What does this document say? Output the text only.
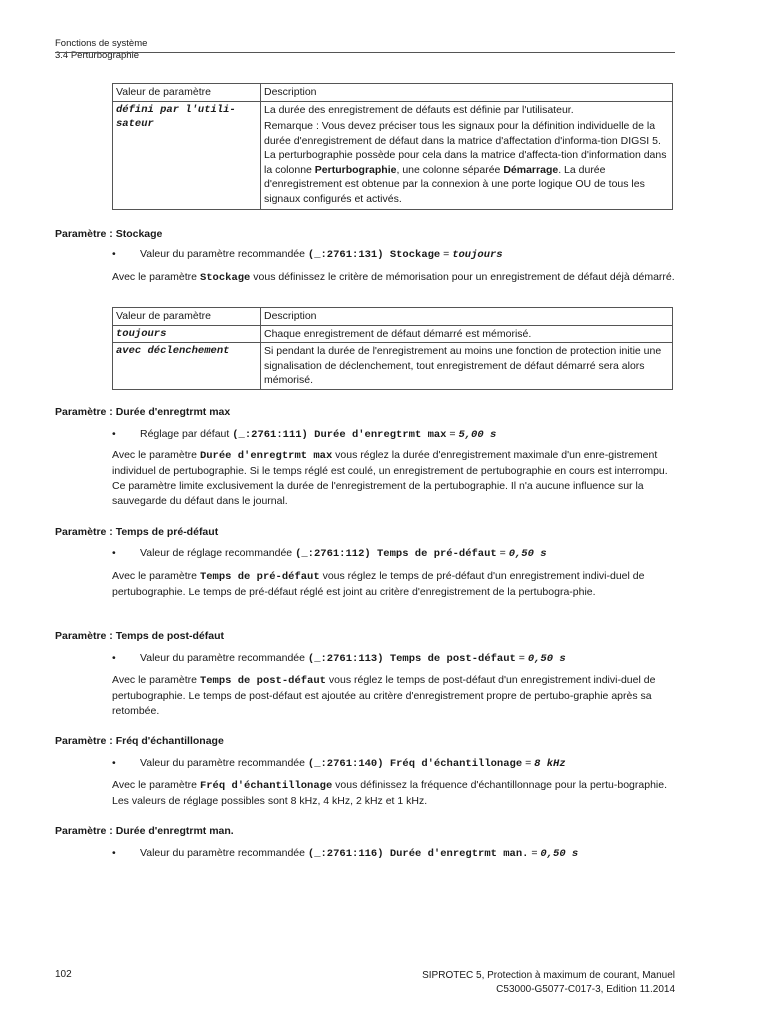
Fonctions de système
3.4 Perturbographie
Valeur de paramètre	Description
défini par l'utili-sateur	La durée des enregistrement de défauts est définie par l'utilisateur.

Remarque : Vous devez préciser tous les signaux pour la définition individuelle de la durée d'enregistrement de défaut dans la matrice d'affectation d'informa-tion DIGSI 5. La perturbographie possède pour cela dans la matrice d'affecta-tion d'information dans la colonne Perturbographie, une colonne séparée Démarrage. La durée d'enregistrement est obtenue par la connexion à une porte logique OU de tous les signaux configurés et activés.

Paramètre : Stockage
• Valeur du paramètre recommandée (_:2761:131) Stockage = toujours

Avec le paramètre Stockage vous définissez le critère de mémorisation pour un enregistrement de défaut déjà démarré.

Valeur de paramètre	Description
toujours	Chaque enregistrement de défaut démarré est mémorisé.
avec déclenchement	Si pendant la durée de l'enregistrement au moins une fonction de protection initie une signalisation de déclenchement, tout enregistrement de défaut démarré sera alors mémorisé.
Paramètre : Durée d'enregtrmt max
• Réglage par défaut (_:2761:111) Durée d'enregtrmt max = 5,00 s

Avec le paramètre Durée d'enregtrmt max vous réglez la durée d'enregistrement maximale d'un enre-gistrement individuel de pertubographie. Si le temps réglé est coulé, un enregistrement de pertubographie en cours est interrompu. Ce paramètre limite exclusivement la durée de l'enregistrement de la pertubographie. Il n'a aucune influence sur la sauvegarde du défaut dans le journal.

Paramètre : Temps de pré-défaut
• Valeur de réglage recommandée (_:2761:112) Temps de pré-défaut = 0,50 s

Avec le paramètre Temps de pré-défaut vous réglez le temps de pré-défaut d'un enregistrement indivi-duel de pertubographie. Le temps de pré-défaut réglé est joint au critère d'enregistrement de la pertubogra-phie.

Paramètre : Temps de post-défaut
• Valeur du paramètre recommandée (_:2761:113) Temps de post-défaut = 0,50 s

Avec le paramètre Temps de post-défaut vous réglez le temps de post-défaut d'un enregistrement indivi-duel de pertubographie. Le temps de post-défaut est ajoutée au critère d'enregistrement propre de pertubo-graphie après sa retombée.

Paramètre : Fréq d'échantillonage
• Valeur du paramètre recommandée (_:2761:140) Fréq d'échantillonage = 8 kHz

Avec le paramètre Fréq d'échantillonage vous définissez la fréquence d'échantillonnage pour la pertu-bographie. Les valeurs de réglage possibles sont 8 kHz, 4 kHz, 2 kHz et 1 kHz.

Paramètre : Durée d'enregtrmt man.
• Valeur du paramètre recommandée (_:2761:116) Durée d'enregtrmt man. = 0,50 s
102	SIPROTEC 5, Protection à maximum de courant, Manuel
C53000-G5077-C017-3, Edition 11.2014
